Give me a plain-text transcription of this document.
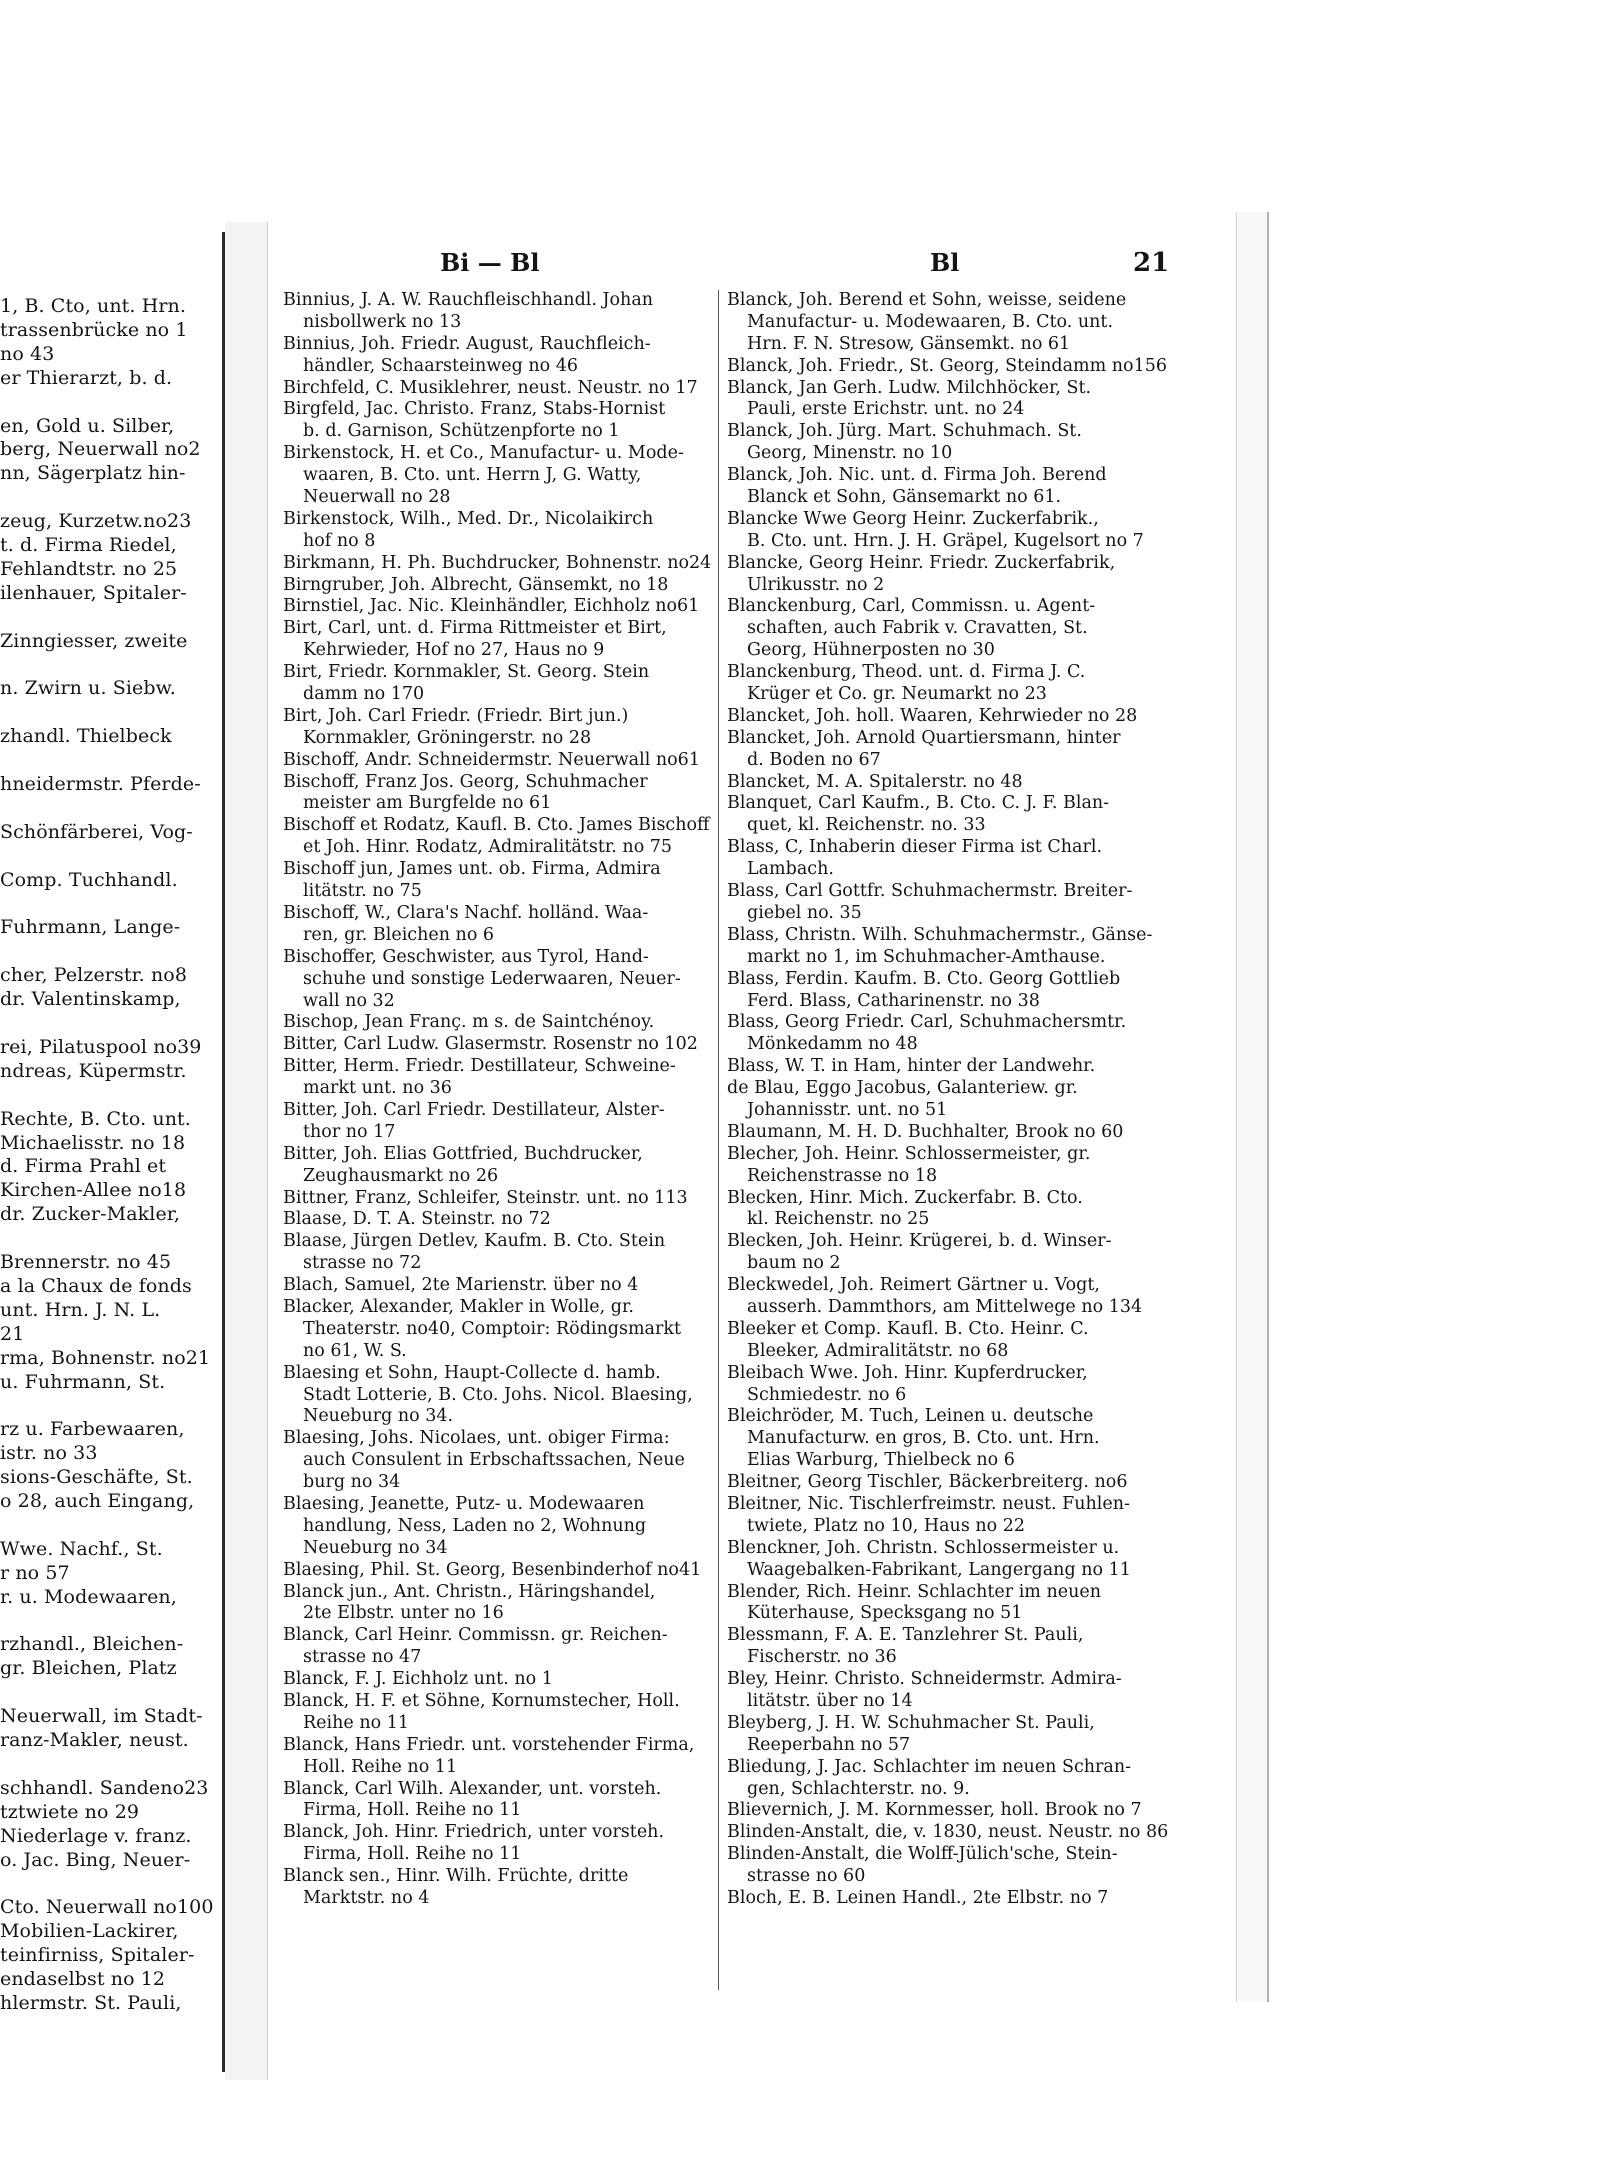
1, B. Cto, unt. Hrn.
trassenbrücke no 1
no 43
er Thierarzt, b. d.
en, Gold u. Silber,
berg, Neuerwall no2
nn, Sägerplatz hin-
zeug, Kurzetw.no23
t. d. Firma Riedel,
Fehlandtstr. no 25
ilenhauer, Spitaler-
Zinngiesser, zweite
n. Zwirn u. Siebw.
zhandl. Thielbeck
hneidermstr. Pferde-
Schönfärberei, Vog-
Comp. Tuchhandl.
Fuhrmann, Lange-
cher, Pelzerstr. no8
dr. Valentinskamp,
rei, Pilatuspool no39
ndreas, Küpermstr.
Rechte, B. Cto. unt.
Michaelisstr. no 18
d. Firma Prahl et
Kirchen-Allee no18
dr. Zucker-Makler,
Brennerstr. no 45
a la Chaux de fonds
unt. Hrn. J. N. L.
21
rma, Bohnenstr. no21
u. Fuhrmann, St.
rz u. Farbewaaren,
istr. no 33
sions-Geschäfte, St.
o 28, auch Eingang,
Wwe. Nachf., St.
r no 57
r. u. Modewaaren,
rzhandl., Bleichen-
gr. Bleichen, Platz
Neuerwall, im Stadt-
ranz-Makler, neust.
schhandl. Sandeno23
tztwiete no 29
Niederlage v. franz.
o. Jac. Bing, Neuer-
Cto. Neuerwall no100
Mobilien-Lackirer,
teinfirniss, Spitaler-
endaselbst no 12
hlermstr. St. Pauli,
Bi — Bl	Bl	21
Binnius, J. A. W. Rauchfleischhandl. Johan
nisbollwerk no 13
Binnius, Joh. Friedr. August, Rauchfleich-
händler, Schaarsteinweg no 46
Birchfeld, C. Musiklehrer, neust. Neustr. no 17
Birgfeld, Jac. Christo. Franz, Stabs-Hornist
b. d. Garnison, Schützenpforte no 1
Birkenstock, H. et Co., Manufactur- u. Mode-
waaren, B. Cto. unt. Herrn J, G. Watty,
Neuerwall no 28
Birkenstock, Wilh., Med. Dr., Nicolaikirch
hof no 8
Birkmann, H. Ph. Buchdrucker, Bohnenstr. no24
Birngruber, Joh. Albrecht, Gänsemkt, no 18
Birnstiel, Jac. Nic. Kleinhändler, Eichholz no61
Birt, Carl, unt. d. Firma Rittmeister et Birt,
Kehrwieder, Hof no 27, Haus no 9
Birt, Friedr. Kornmakler, St. Georg. Stein
damm no 170
Birt, Joh. Carl Friedr. (Friedr. Birt jun.)
Kornmakler, Gröningerstr. no 28
Bischoff, Andr. Schneidermstr. Neuerwall no61
Bischoff, Franz Jos. Georg, Schuhmacher
meister am Burgfelde no 61
Bischoff et Rodatz, Kaufl. B. Cto. James Bischoff
et Joh. Hinr. Rodatz, Admiralitätstr. no 75
Bischoff jun, James unt. ob. Firma, Admira
litätstr. no 75
Bischoff, W., Clara's Nachf. holländ. Waa-
ren, gr. Bleichen no 6
Bischoffer, Geschwister, aus Tyrol, Hand-
schuhe und sonstige Lederwaaren, Neuer-
wall no 32
Bischop, Jean Franç. m s. de Saintchénoy.
Bitter, Carl Ludw. Glasermstr. Rosenstr no 102
Bitter, Herm. Friedr. Destillateur, Schweine-
markt unt. no 36
Bitter, Joh. Carl Friedr. Destillateur, Alster-
thor no 17
Bitter, Joh. Elias Gottfried, Buchdrucker,
Zeughausmarkt no 26
Bittner, Franz, Schleifer, Steinstr. unt. no 113
Blaase, D. T. A. Steinstr. no 72
Blaase, Jürgen Detlev, Kaufm. B. Cto. Stein
strasse no 72
Blach, Samuel, 2te Marienstr. über no 4
Blacker, Alexander, Makler in Wolle, gr.
Theaterstr. no40, Comptoir: Rödingsmarkt
no 61, W. S.
Blaesing et Sohn, Haupt-Collecte d. hamb.
Stadt Lotterie, B. Cto. Johs. Nicol. Blaesing,
Neueburg no 34.
Blaesing, Johs. Nicolaes, unt. obiger Firma:
auch Consulent in Erbschaftssachen, Neue
burg no 34
Blaesing, Jeanette, Putz- u. Modewaaren
handlung, Ness, Laden no 2, Wohnung
Neueburg no 34
Blaesing, Phil. St. Georg, Besenbinderhof no41
Blanck jun., Ant. Christn., Häringshandel,
2te Elbstr. unter no 16
Blanck, Carl Heinr. Commissn. gr. Reichen-
strasse no 47
Blanck, F. J. Eichholz unt. no 1
Blanck, H. F. et Söhne, Kornumstecher, Holl.
Reihe no 11
Blanck, Hans Friedr. unt. vorstehender Firma,
Holl. Reihe no 11
Blanck, Carl Wilh. Alexander, unt. vorsteh.
Firma, Holl. Reihe no 11
Blanck, Joh. Hinr. Friedrich, unter vorsteh.
Firma, Holl. Reihe no 11
Blanck sen., Hinr. Wilh. Früchte, dritte
Marktstr. no 4
Blanck, Joh. Berend et Sohn, weisse, seidene
Manufactur- u. Modewaaren, B. Cto. unt.
Hrn. F. N. Stresow, Gänsemkt. no 61
Blanck, Joh. Friedr., St. Georg, Steindamm no156
Blanck, Jan Gerh. Ludw. Milchhöcker, St.
Pauli, erste Erichstr. unt. no 24
Blanck, Joh. Jürg. Mart. Schuhmach. St.
Georg, Minenstr. no 10
Blanck, Joh. Nic. unt. d. Firma Joh. Berend
Blanck et Sohn, Gänsemarkt no 61.
Blancke Wwe Georg Heinr. Zuckerfabrik.,
B. Cto. unt. Hrn. J. H. Gräpel, Kugelsort no 7
Blancke, Georg Heinr. Friedr. Zuckerfabrik,
Ulrikusstr. no 2
Blanckenburg, Carl, Commissn. u. Agent-
schaften, auch Fabrik v. Cravatten, St.
Georg, Hühnerposten no 30
Blanckenburg, Theod. unt. d. Firma J. C.
Krüger et Co. gr. Neumarkt no 23
Blancket, Joh. holl. Waaren, Kehrwieder no 28
Blancket, Joh. Arnold Quartiersmann, hinter
d. Boden no 67
Blancket, M. A. Spitalerstr. no 48
Blanquet, Carl Kaufm., B. Cto. C. J. F. Blan-
quet, kl. Reichenstr. no. 33
Blass, C, Inhaberin dieser Firma ist Charl.
Lambach.
Blass, Carl Gottfr. Schuhmachermstr. Breiter-
giebel no. 35
Blass, Christn. Wilh. Schuhmachermstr., Gänse-
markt no 1, im Schuhmacher-Amthause.
Blass, Ferdin. Kaufm. B. Cto. Georg Gottlieb
Ferd. Blass, Catharinenstr. no 38
Blass, Georg Friedr. Carl, Schuhmachersmtr.
Mönkedamm no 48
Blass, W. T. in Ham, hinter der Landwehr.
de Blau, Eggo Jacobus, Galanteriew. gr.
Johannisstr. unt. no 51
Blaumann, M. H. D. Buchhalter, Brook no 60
Blecher, Joh. Heinr. Schlossermeister, gr.
Reichenstrasse no 18
Blecken, Hinr. Mich. Zuckerfabr. B. Cto.
kl. Reichenstr. no 25
Blecken, Joh. Heinr. Krügerei, b. d. Winser-
baum no 2
Bleckwedel, Joh. Reimert Gärtner u. Vogt,
ausserh. Dammthors, am Mittelwege no 134
Bleeker et Comp. Kaufl. B. Cto. Heinr. C.
Bleeker, Admiralitätstr. no 68
Bleibach Wwe. Joh. Hinr. Kupferdrucker,
Schmiedestr. no 6
Bleichröder, M. Tuch, Leinen u. deutsche
Manufacturw. en gros, B. Cto. unt. Hrn.
Elias Warburg, Thielbeck no 6
Bleitner, Georg Tischler, Bäckerbreiterg. no6
Bleitner, Nic. Tischlerfreimstr. neust. Fuhlen-
twiete, Platz no 10, Haus no 22
Blenckner, Joh. Christn. Schlossermeister u.
Waagebalken-Fabrikant, Langergang no 11
Blender, Rich. Heinr. Schlachter im neuen
Küterhause, Specksgang no 51
Blessmann, F. A. E. Tanzlehrer St. Pauli,
Fischerstr. no 36
Bley, Heinr. Christo. Schneidermstr. Admira-
litätstr. über no 14
Bleyberg, J. H. W. Schuhmacher St. Pauli,
Reeperbahn no 57
Bliedung, J. Jac. Schlachter im neuen Schran-
gen, Schlachterstr. no. 9.
Blievernich, J. M. Kornmesser, holl. Brook no 7
Blinden-Anstalt, die, v. 1830, neust. Neustr. no 86
Blinden-Anstalt, die Wolff-Jülich'sche, Stein-
strasse no 60
Bloch, E. B. Leinen Handl., 2te Elbstr. no 7
